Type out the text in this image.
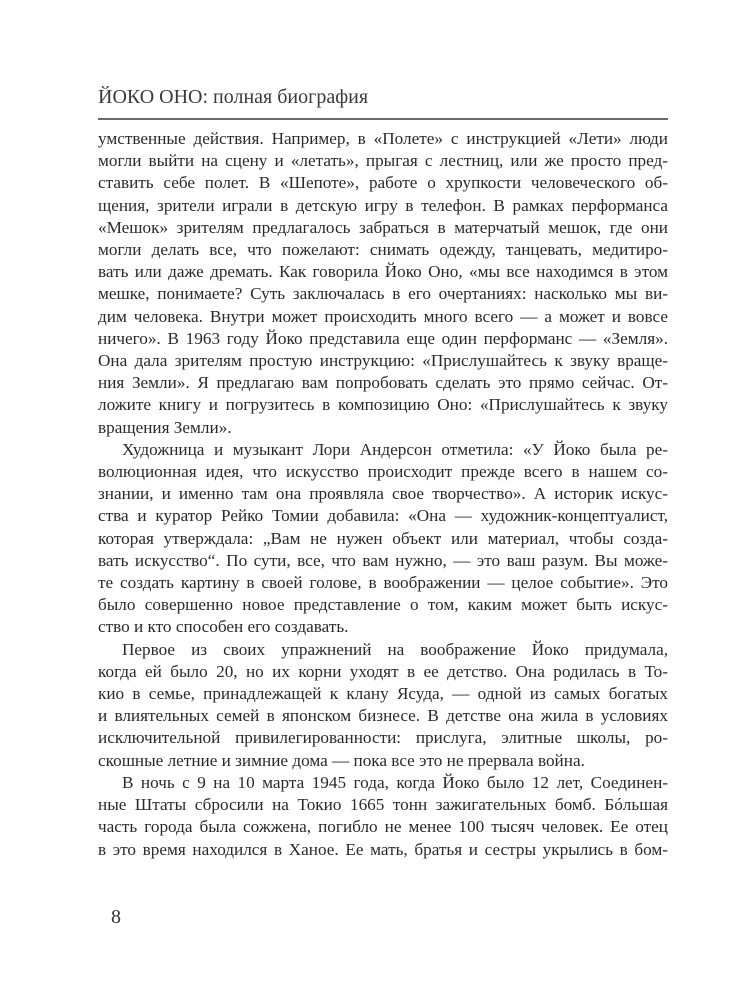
ЙОКО ОНО: полная биография
умственные действия. Например, в «Полете» с инструкцией «Лети» люди
могли выйти на сцену и «летать», прыгая с лестниц, или же просто пред-
ставить себе полет. В «Шепоте», работе о хрупкости человеческого об-
щения, зрители играли в детскую игру в телефон. В рамках перформанса
«Мешок» зрителям предлагалось забраться в матерчатый мешок, где они
могли делать все, что пожелают: снимать одежду, танцевать, медитиро-
вать или даже дремать. Как говорила Йоко Оно, «мы все находимся в этом
мешке, понимаете? Суть заключалась в его очертаниях: насколько мы ви-
дим человека. Внутри может происходить много всего — а может и вовсе
ничего». В 1963 году Йоко представила еще один перформанс — «Земля».
Она дала зрителям простую инструкцию: «Прислушайтесь к звуку враще-
ния Земли». Я предлагаю вам попробовать сделать это прямо сейчас. От-
ложите книгу и погрузитесь в композицию Оно: «Прислушайтесь к звуку
вращения Земли».
Художница и музыкант Лори Андерсон отметила: «У Йоко была ре-
волюционная идея, что искусство происходит прежде всего в нашем со-
знании, и именно там она проявляла свое творчество». А историк искус-
ства и куратор Рейко Томии добавила: «Она — художник-концептуалист,
которая утверждала: „Вам не нужен объект или материал, чтобы созда-
вать искусство“. По сути, все, что вам нужно, — это ваш разум. Вы може-
те создать картину в своей голове, в воображении — целое событие». Это
было совершенно новое представление о том, каким может быть искус-
ство и кто способен его создавать.
Первое из своих упражнений на воображение Йоко придумала,
когда ей было 20, но их корни уходят в ее детство. Она родилась в То-
кио в семье, принадлежащей к клану Ясуда, — одной из самых богатых
и влиятельных семей в японском бизнесе. В детстве она жила в условиях
исключительной привилегированности: прислуга, элитные школы, ро-
скошные летние и зимние дома — пока все это не прервала война.
В ночь с 9 на 10 марта 1945 года, когда Йоко было 12 лет, Соединен-
ные Штаты сбросили на Токио 1665 тонн зажигательных бомб. Бóльшая
часть города была сожжена, погибло не менее 100 тысяч человек. Ее отец
в это время находился в Ханое. Ее мать, братья и сестры укрылись в бом-
8
